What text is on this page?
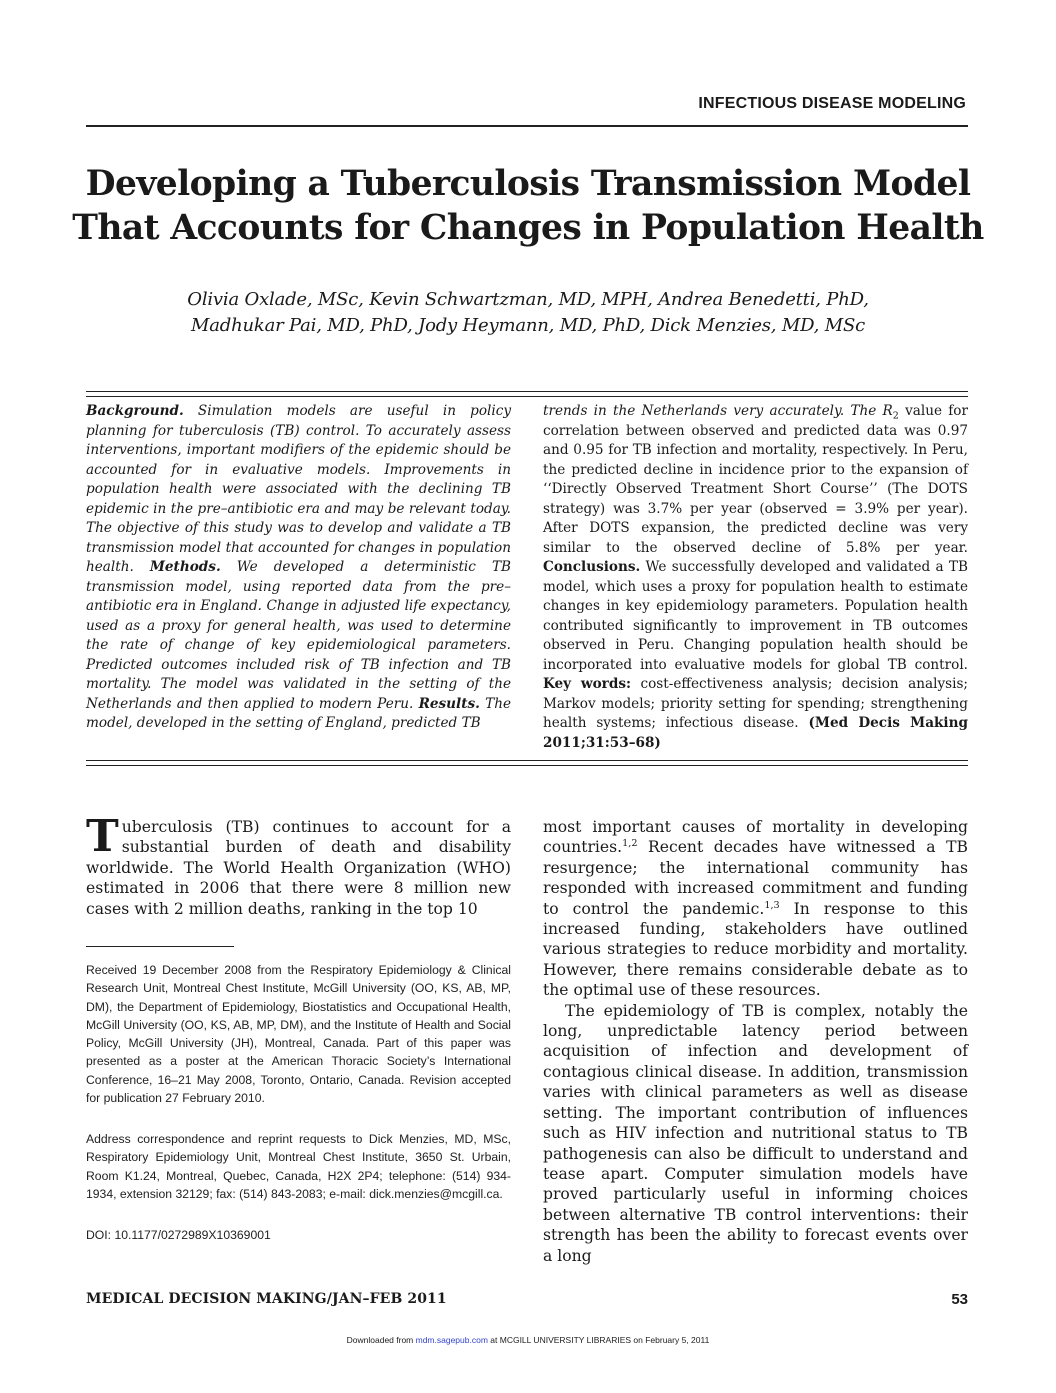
INFECTIOUS DISEASE MODELING
Developing a Tuberculosis Transmission Model
That Accounts for Changes in Population Health
Olivia Oxlade, MSc, Kevin Schwartzman, MD, MPH, Andrea Benedetti, PhD,
Madhukar Pai, MD, PhD, Jody Heymann, MD, PhD, Dick Menzies, MD, MSc
Background. Simulation models are useful in policy planning for tuberculosis (TB) control. To accurately assess interventions, important modifiers of the epidemic should be accounted for in evaluative models. Improvements in population health were associated with the declining TB epidemic in the pre–antibiotic era and may be relevant today. The objective of this study was to develop and validate a TB transmission model that accounted for changes in population health. Methods. We developed a deterministic TB transmission model, using reported data from the pre–antibiotic era in England. Change in adjusted life expectancy, used as a proxy for general health, was used to determine the rate of change of key epidemiological parameters. Predicted outcomes included risk of TB infection and TB mortality. The model was validated in the setting of the Netherlands and then applied to modern Peru. Results. The model, developed in the setting of England, predicted TB
trends in the Netherlands very accurately. The $R_2$ value for correlation between observed and predicted data was 0.97 and 0.95 for TB infection and mortality, respectively. In Peru, the predicted decline in incidence prior to the expansion of ‘‘Directly Observed Treatment Short Course’’ (The DOTS strategy) was 3.7% per year (observed = 3.9% per year). After DOTS expansion, the predicted decline was very similar to the observed decline of 5.8% per year. Conclusions. We successfully developed and validated a TB model, which uses a proxy for population health to estimate changes in key epidemiology parameters. Population health contributed significantly to improvement in TB outcomes observed in Peru. Changing population health should be incorporated into evaluative models for global TB control. Key words: cost-effectiveness analysis; decision analysis; Markov models; priority setting for spending; strengthening health systems; infectious disease. (Med Decis Making 2011;31:53–68)

Tuberculosis (TB) continues to account for a substantial burden of death and disability worldwide. The World Health Organization (WHO) estimated in 2006 that there were 8 million new cases with 2 million deaths, ranking in the top 10

most important causes of mortality in developing countries.$^{1,2}$ Recent decades have witnessed a TB resurgence; the international community has responded with increased commitment and funding to control the pandemic.$^{1,3}$ In response to this increased funding, stakeholders have outlined various strategies to reduce morbidity and mortality. However, there remains considerable debate as to the optimal use of these resources.

The epidemiology of TB is complex, notably the long, unpredictable latency period between acquisition of infection and development of contagious clinical disease. In addition, transmission varies with clinical parameters as well as disease setting. The important contribution of influences such as HIV infection and nutritional status to TB pathogenesis can also be difficult to understand and tease apart. Computer simulation models have proved particularly useful in informing choices between alternative TB control interventions: their strength has been the ability to forecast events over a long

Received 19 December 2008 from the Respiratory Epidemiology & Clinical Research Unit, Montreal Chest Institute, McGill University (OO, KS, AB, MP, DM), the Department of Epidemiology, Biostatistics and Occupational Health, McGill University (OO, KS, AB, MP, DM), and the Institute of Health and Social Policy, McGill University (JH), Montreal, Canada. Part of this paper was presented as a poster at the American Thoracic Society’s International Conference, 16–21 May 2008, Toronto, Ontario, Canada. Revision accepted for publication 27 February 2010.

Address correspondence and reprint requests to Dick Menzies, MD, MSc, Respiratory Epidemiology Unit, Montreal Chest Institute, 3650 St. Urbain, Room K1.24, Montreal, Quebec, Canada, H2X 2P4; telephone: (514) 934-1934, extension 32129; fax: (514) 843-2083; e-mail: dick.menzies@mcgill.ca.

DOI: 10.1177/0272989X10369001

MEDICAL DECISION MAKING/JAN–FEB 2011	53
Downloaded from mdm.sagepub.com at MCGILL UNIVERSITY LIBRARIES on February 5, 2011
